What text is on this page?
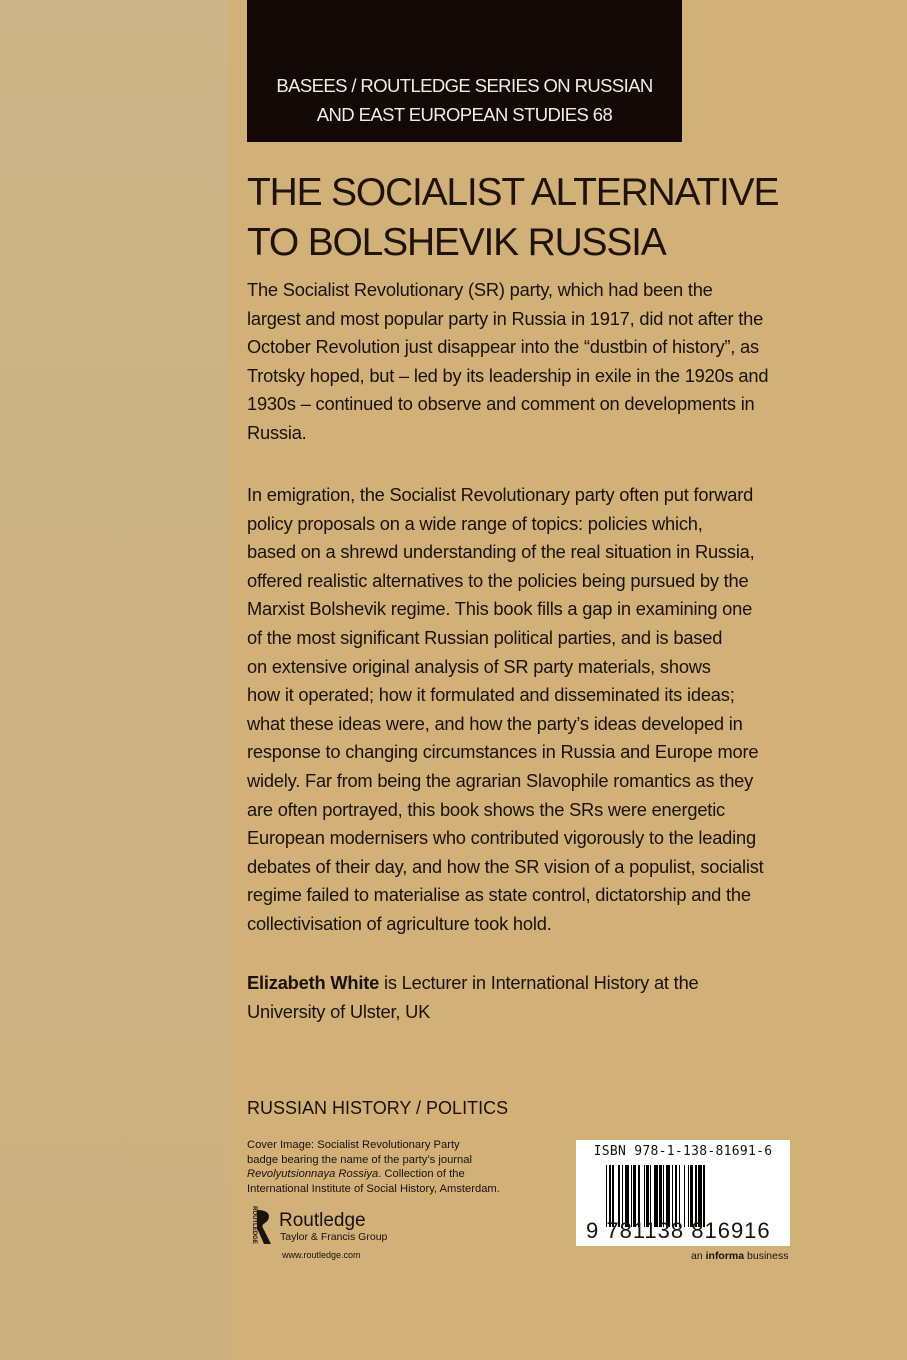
BASEES / ROUTLEDGE SERIES ON RUSSIAN
AND EAST EUROPEAN STUDIES 68
THE SOCIALIST ALTERNATIVE
TO BOLSHEVIK RUSSIA
The Socialist Revolutionary (SR) party, which had been the
largest and most popular party in Russia in 1917, did not after the
October Revolution just disappear into the “dustbin of history”, as
Trotsky hoped, but – led by its leadership in exile in the 1920s and
1930s – continued to observe and comment on developments in
Russia.
In emigration, the Socialist Revolutionary party often put forward
policy proposals on a wide range of topics: policies which,
based on a shrewd understanding of the real situation in Russia,
offered realistic alternatives to the policies being pursued by the
Marxist Bolshevik regime. This book fills a gap in examining one
of the most significant Russian political parties, and is based
on extensive original analysis of SR party materials, shows
how it operated; how it formulated and disseminated its ideas;
what these ideas were, and how the party’s ideas developed in
response to changing circumstances in Russia and Europe more
widely. Far from being the agrarian Slavophile romantics as they
are often portrayed, this book shows the SRs were energetic
European modernisers who contributed vigorously to the leading
debates of their day, and how the SR vision of a populist, socialist
regime failed to materialise as state control, dictatorship and the
collectivisation of agriculture took hold.
Elizabeth White is Lecturer in International History at the
University of Ulster, UK
RUSSIAN HISTORY / POLITICS
Cover Image: Socialist Revolutionary Party
badge bearing the name of the party’s journal
Revolyutsionnaya Rossiya. Collection of the
International Institute of Social History, Amsterdam.
ROUTLEDGE Routledge
Taylor & Francis Group
www.routledge.com
ISBN 978-1-138-81691-6
9 781138 816916
an informa business
